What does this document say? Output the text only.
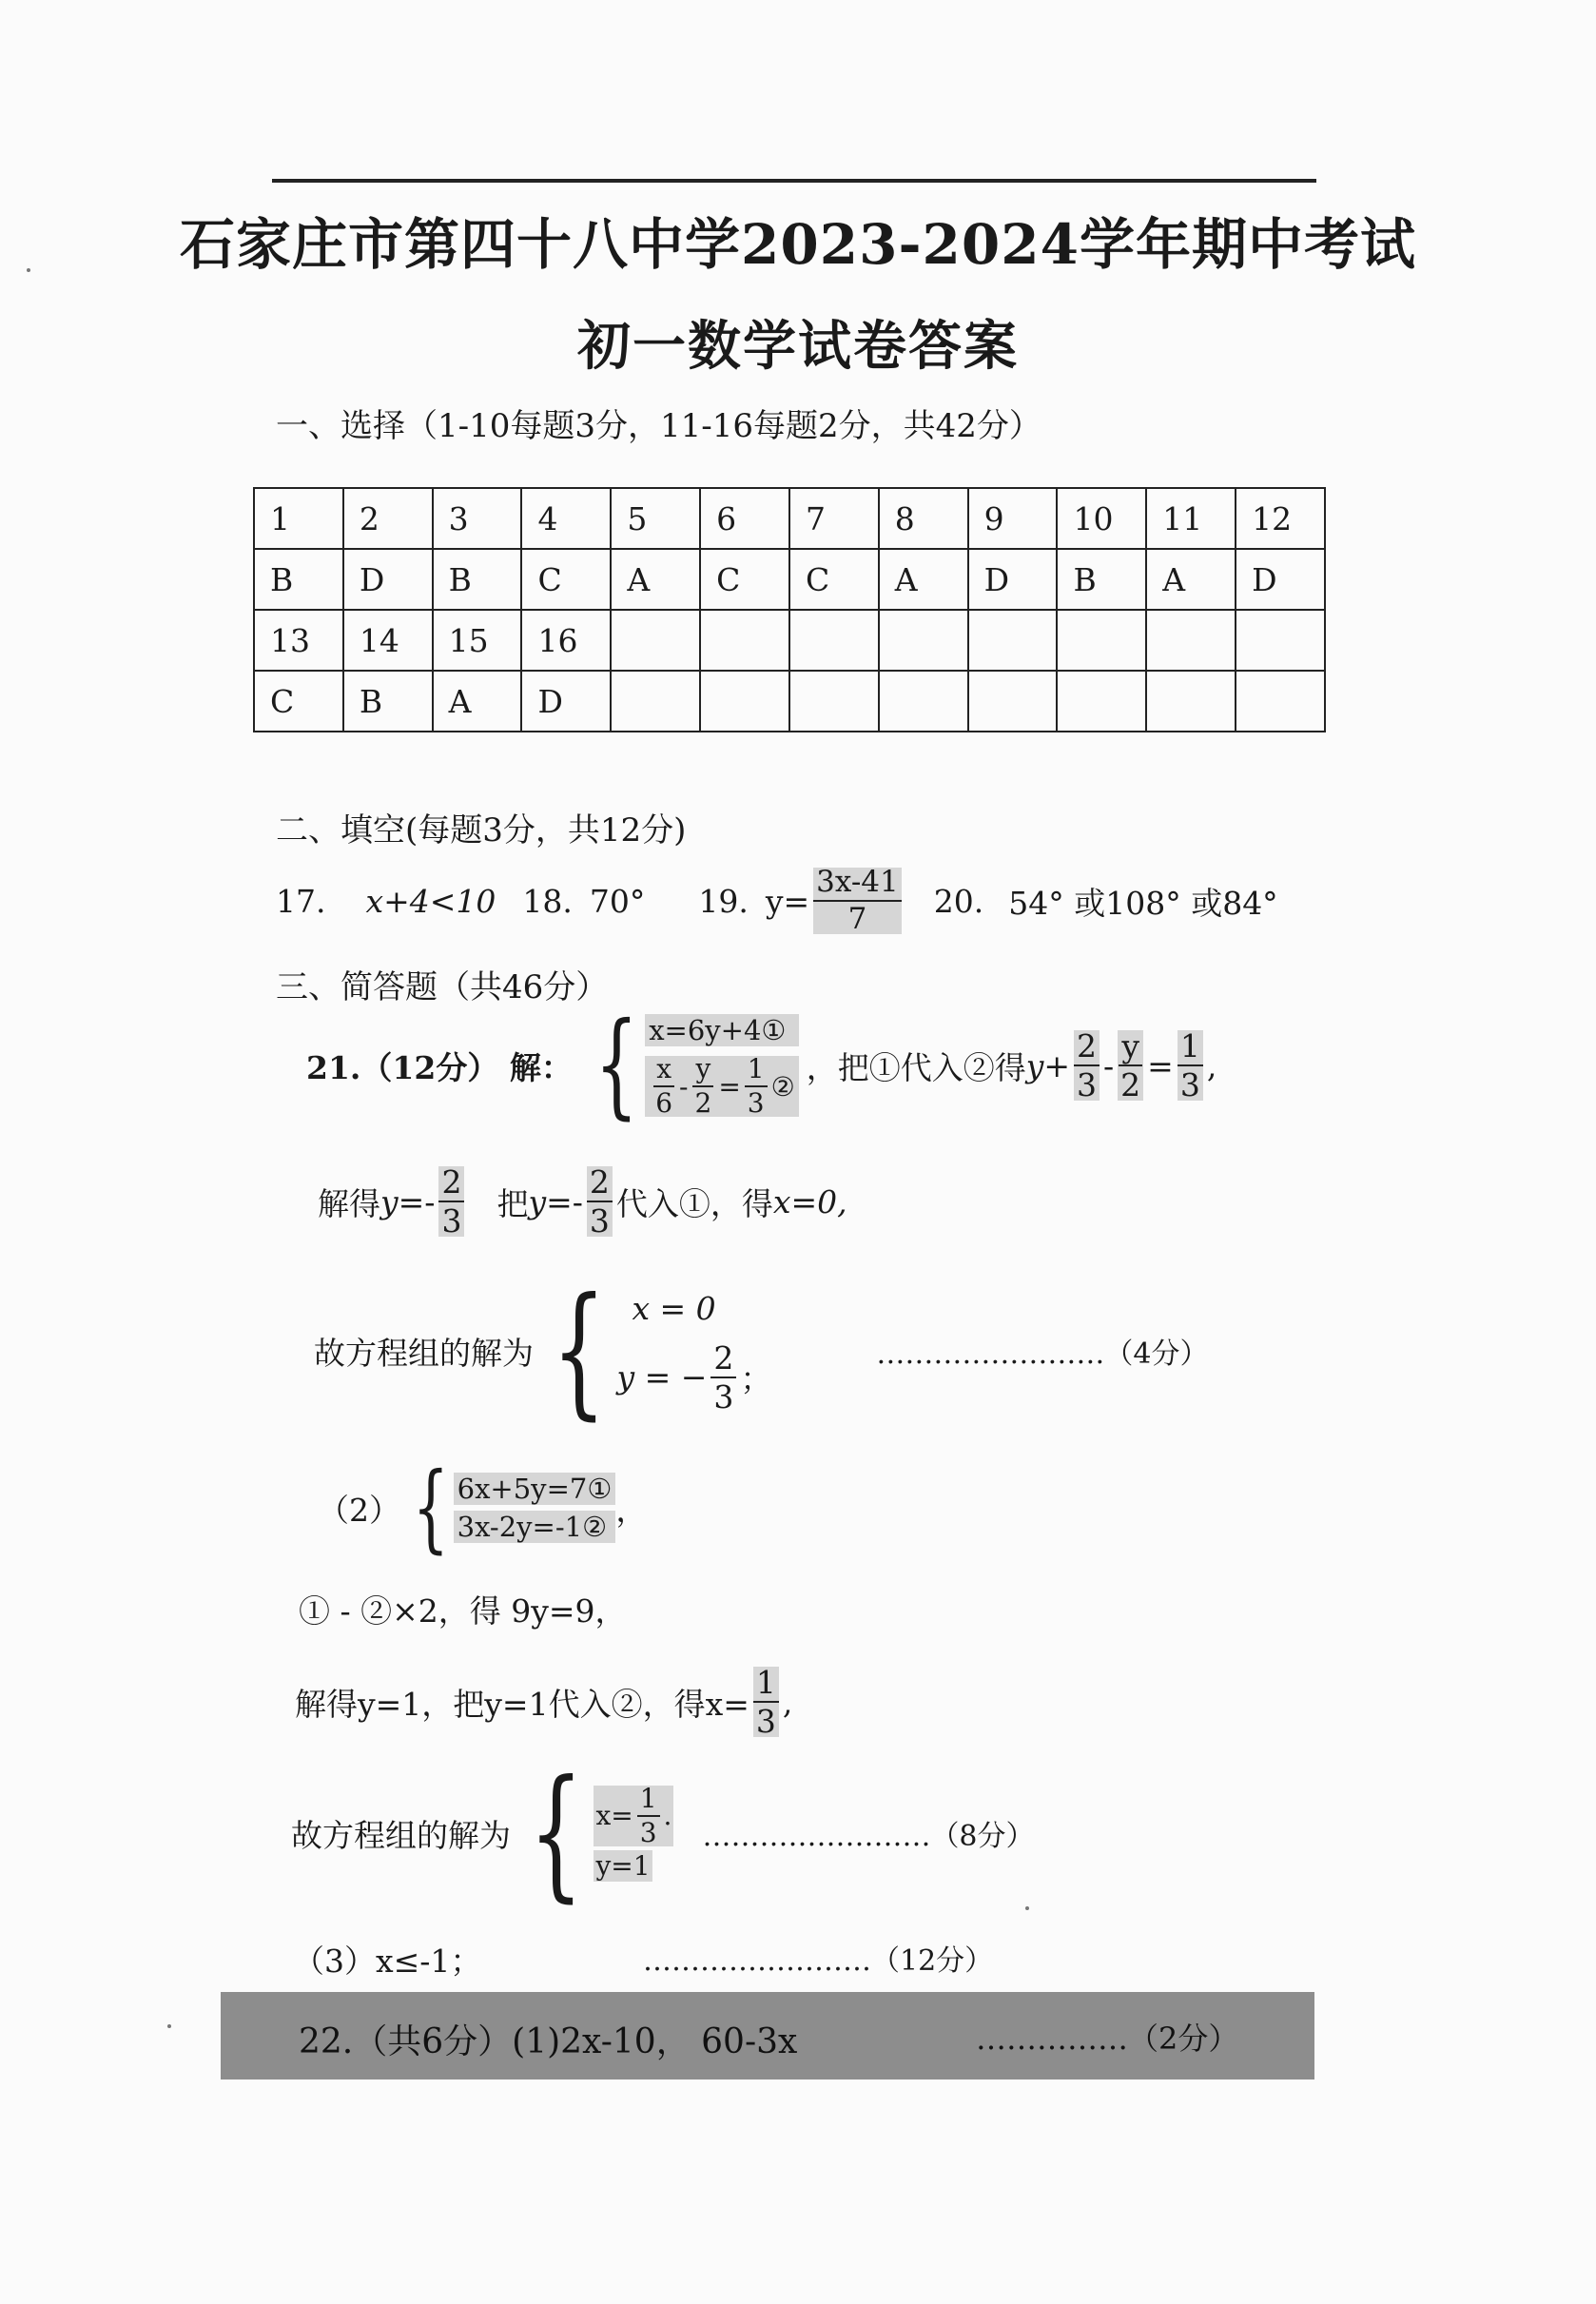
石家庄市第四十八中学2023-2024学年期中考试
初一数学试卷答案
一、选择（1-10每题3分，11-16每题2分，共42分）
1	2	3	4	5	6	7	8	9	10	11	12
B	D	B	C	A	C	C	A	D	B	A	D
13	14	15	16								
C	B	A	D								
二、填空(每题3分，共12分)
17. x+4<10 18. 70° 19. $y= \frac{3x-41}{7} 20$. 54° 或108° 或84°
三、简答题（共46分）
21.（12分） 解： { x=6y+4①
$\frac{x}{6} - \frac{y}{2} = \frac{1}{3}$ ②
，把①代入②得 $y+ \frac{2}{3} - \frac{y}{2} = \frac{1}{3}$ ,
解得 $y= - \frac{2}{3}$ 把 $y= - \frac{2}{3}$ 代入①，得 x=0,
故方程组的解为 { x = 0
y = − $\frac{2}{3}$ ；
……………………（4分）
（2） { 6x+5y=7①
3x-2y=-1② ，
① - ②×2，得 9y=9，
解得y=1，把y=1代入②，得$x= \frac{1}{3}$ ,
故方程组的解为 { $x= \frac{1}{3}$ .
y=1
……………………（8分）
（3）x≤-1；	……………………（12分）
22.（共6分）(1)2x-10， 60-3x	……………（2分）
